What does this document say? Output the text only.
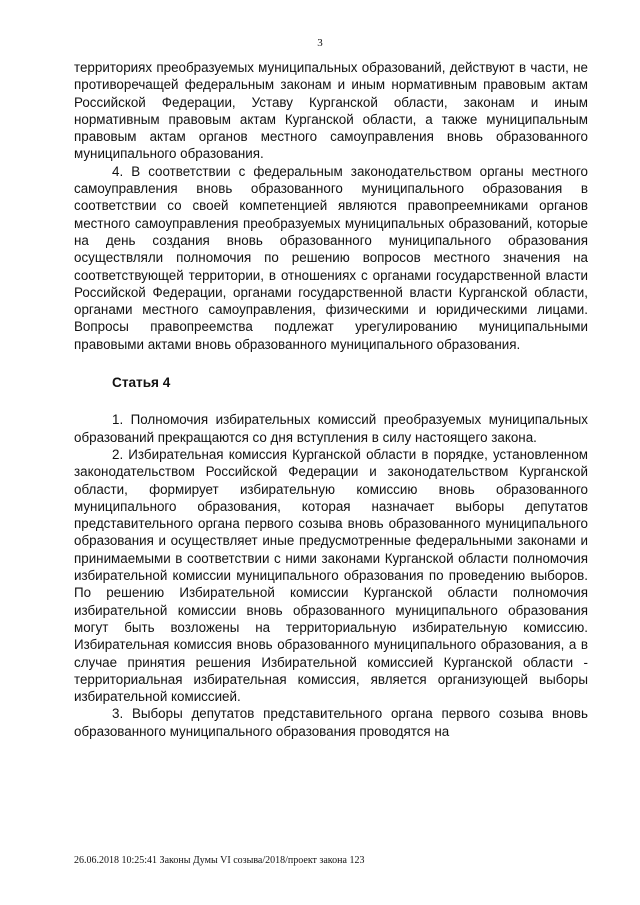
3

территориях преобразуемых муниципальных образований, действуют в части, не противоречащей федеральным законам и иным нормативным правовым актам Российской Федерации, Уставу Курганской области, законам и иным нормативным правовым актам Курганской области, а также муниципальным правовым актам органов местного самоуправления вновь образованного муниципального образования.

4. В соответствии с федеральным законодательством органы местного самоуправления вновь образованного муниципального образования в соответствии со своей компетенцией являются правопреемниками органов местного самоуправления преобразуемых муниципальных образований, которые на день создания вновь образованного муниципального образования осуществляли полномочия по решению вопросов местного значения на соответствующей территории, в отношениях с органами государственной власти Российской Федерации, органами государственной власти Курганской области, органами местного самоуправления, физическими и юридическими лицами. Вопросы правопреемства подлежат урегулированию муниципальными правовыми актами вновь образованного муниципального образования.

Статья 4

1. Полномочия избирательных комиссий преобразуемых муниципальных образований прекращаются со дня вступления в силу настоящего закона.

2. Избирательная комиссия Курганской области в порядке, установленном законодательством Российской Федерации и законодательством Курганской области, формирует избирательную комиссию вновь образованного муниципального образования, которая назначает выборы депутатов представительного органа первого созыва вновь образованного муниципального образования и осуществляет иные предусмотренные федеральными законами и принимаемыми в соответствии с ними законами Курганской области полномочия избирательной комиссии муниципального образования по проведению выборов. По решению Избирательной комиссии Курганской области полномочия избирательной комиссии вновь образованного муниципального образования могут быть возложены на территориальную избирательную комиссию. Избирательная комиссия вновь образованного муниципального образования, а в случае принятия решения Избирательной комиссией Курганской области - территориальная избирательная комиссия, является организующей выборы избирательной комиссией.

3. Выборы депутатов представительного органа первого созыва вновь образованного муниципального образования проводятся на

26.06.2018 10:25:41 Законы Думы VI созыва/2018/проект закона 123
